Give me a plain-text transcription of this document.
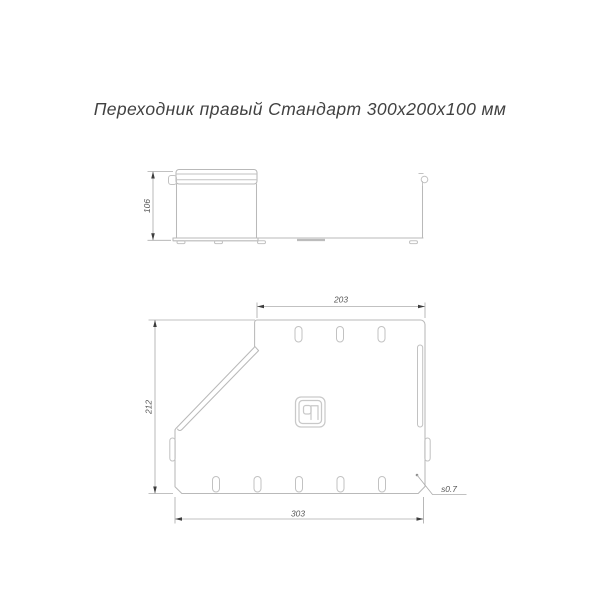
Переходник правый Стандарт 300х200х100 мм
106
203
212
303
s0.7
